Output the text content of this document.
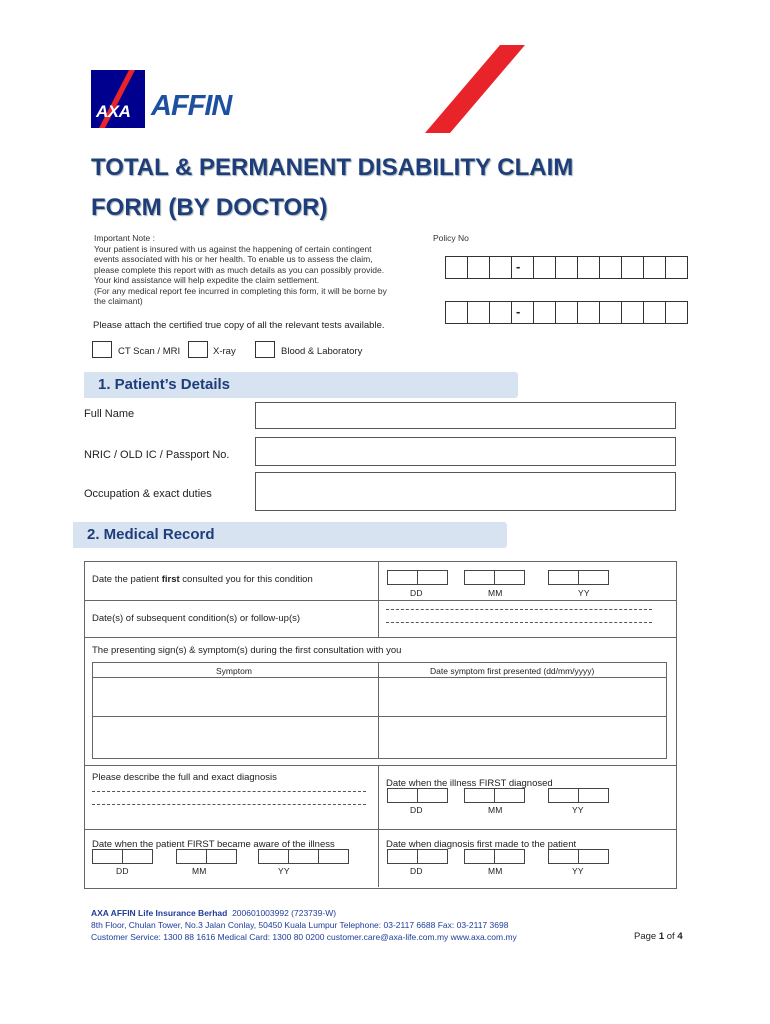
AXA AFFIN
TOTAL & PERMANENT DISABILITY CLAIM
FORM (BY DOCTOR)
Important Note :
Your patient is insured with us against the happening of certain contingent
events associated with his or her health. To enable us to assess the claim,
please complete this report with as much details as you can possibly provide.
Your kind assistance will help expedite the claim settlement.
(For any medical report fee incurred in completing this form, it will be borne by
the claimant)
Policy No
-
-
Please attach the certified true copy of all the relevant tests available.
CT Scan / MRI	X-ray	Blood & Laboratory
1. Patient’s Details
Full Name
NRIC / OLD IC / Passport No.
Occupation & exact duties
2. Medical Record
Date the patient first consulted you for this condition
DD	MM	YY
Date(s) of subsequent condition(s) or follow-up(s)
The presenting sign(s) & symptom(s) during the first consultation with you
Symptom	Date symptom first presented (dd/mm/yyyy)
Please describe the full and exact diagnosis
Date when the illness FIRST diagnosed
DD	MM	YY
Date when the patient FIRST became aware of the illness
DD	MM	YY
Date when diagnosis first made to the patient
DD	MM	YY
AXA AFFIN Life Insurance Berhad 200601003992 (723739-W)
8th Floor, Chulan Tower, No.3 Jalan Conlay, 50450 Kuala Lumpur Telephone: 03-2117 6688 Fax: 03-2117 3698
Customer Service: 1300 88 1616 Medical Card: 1300 80 0200 customer.care@axa-life.com.my www.axa.com.my	Page 1 of 4
